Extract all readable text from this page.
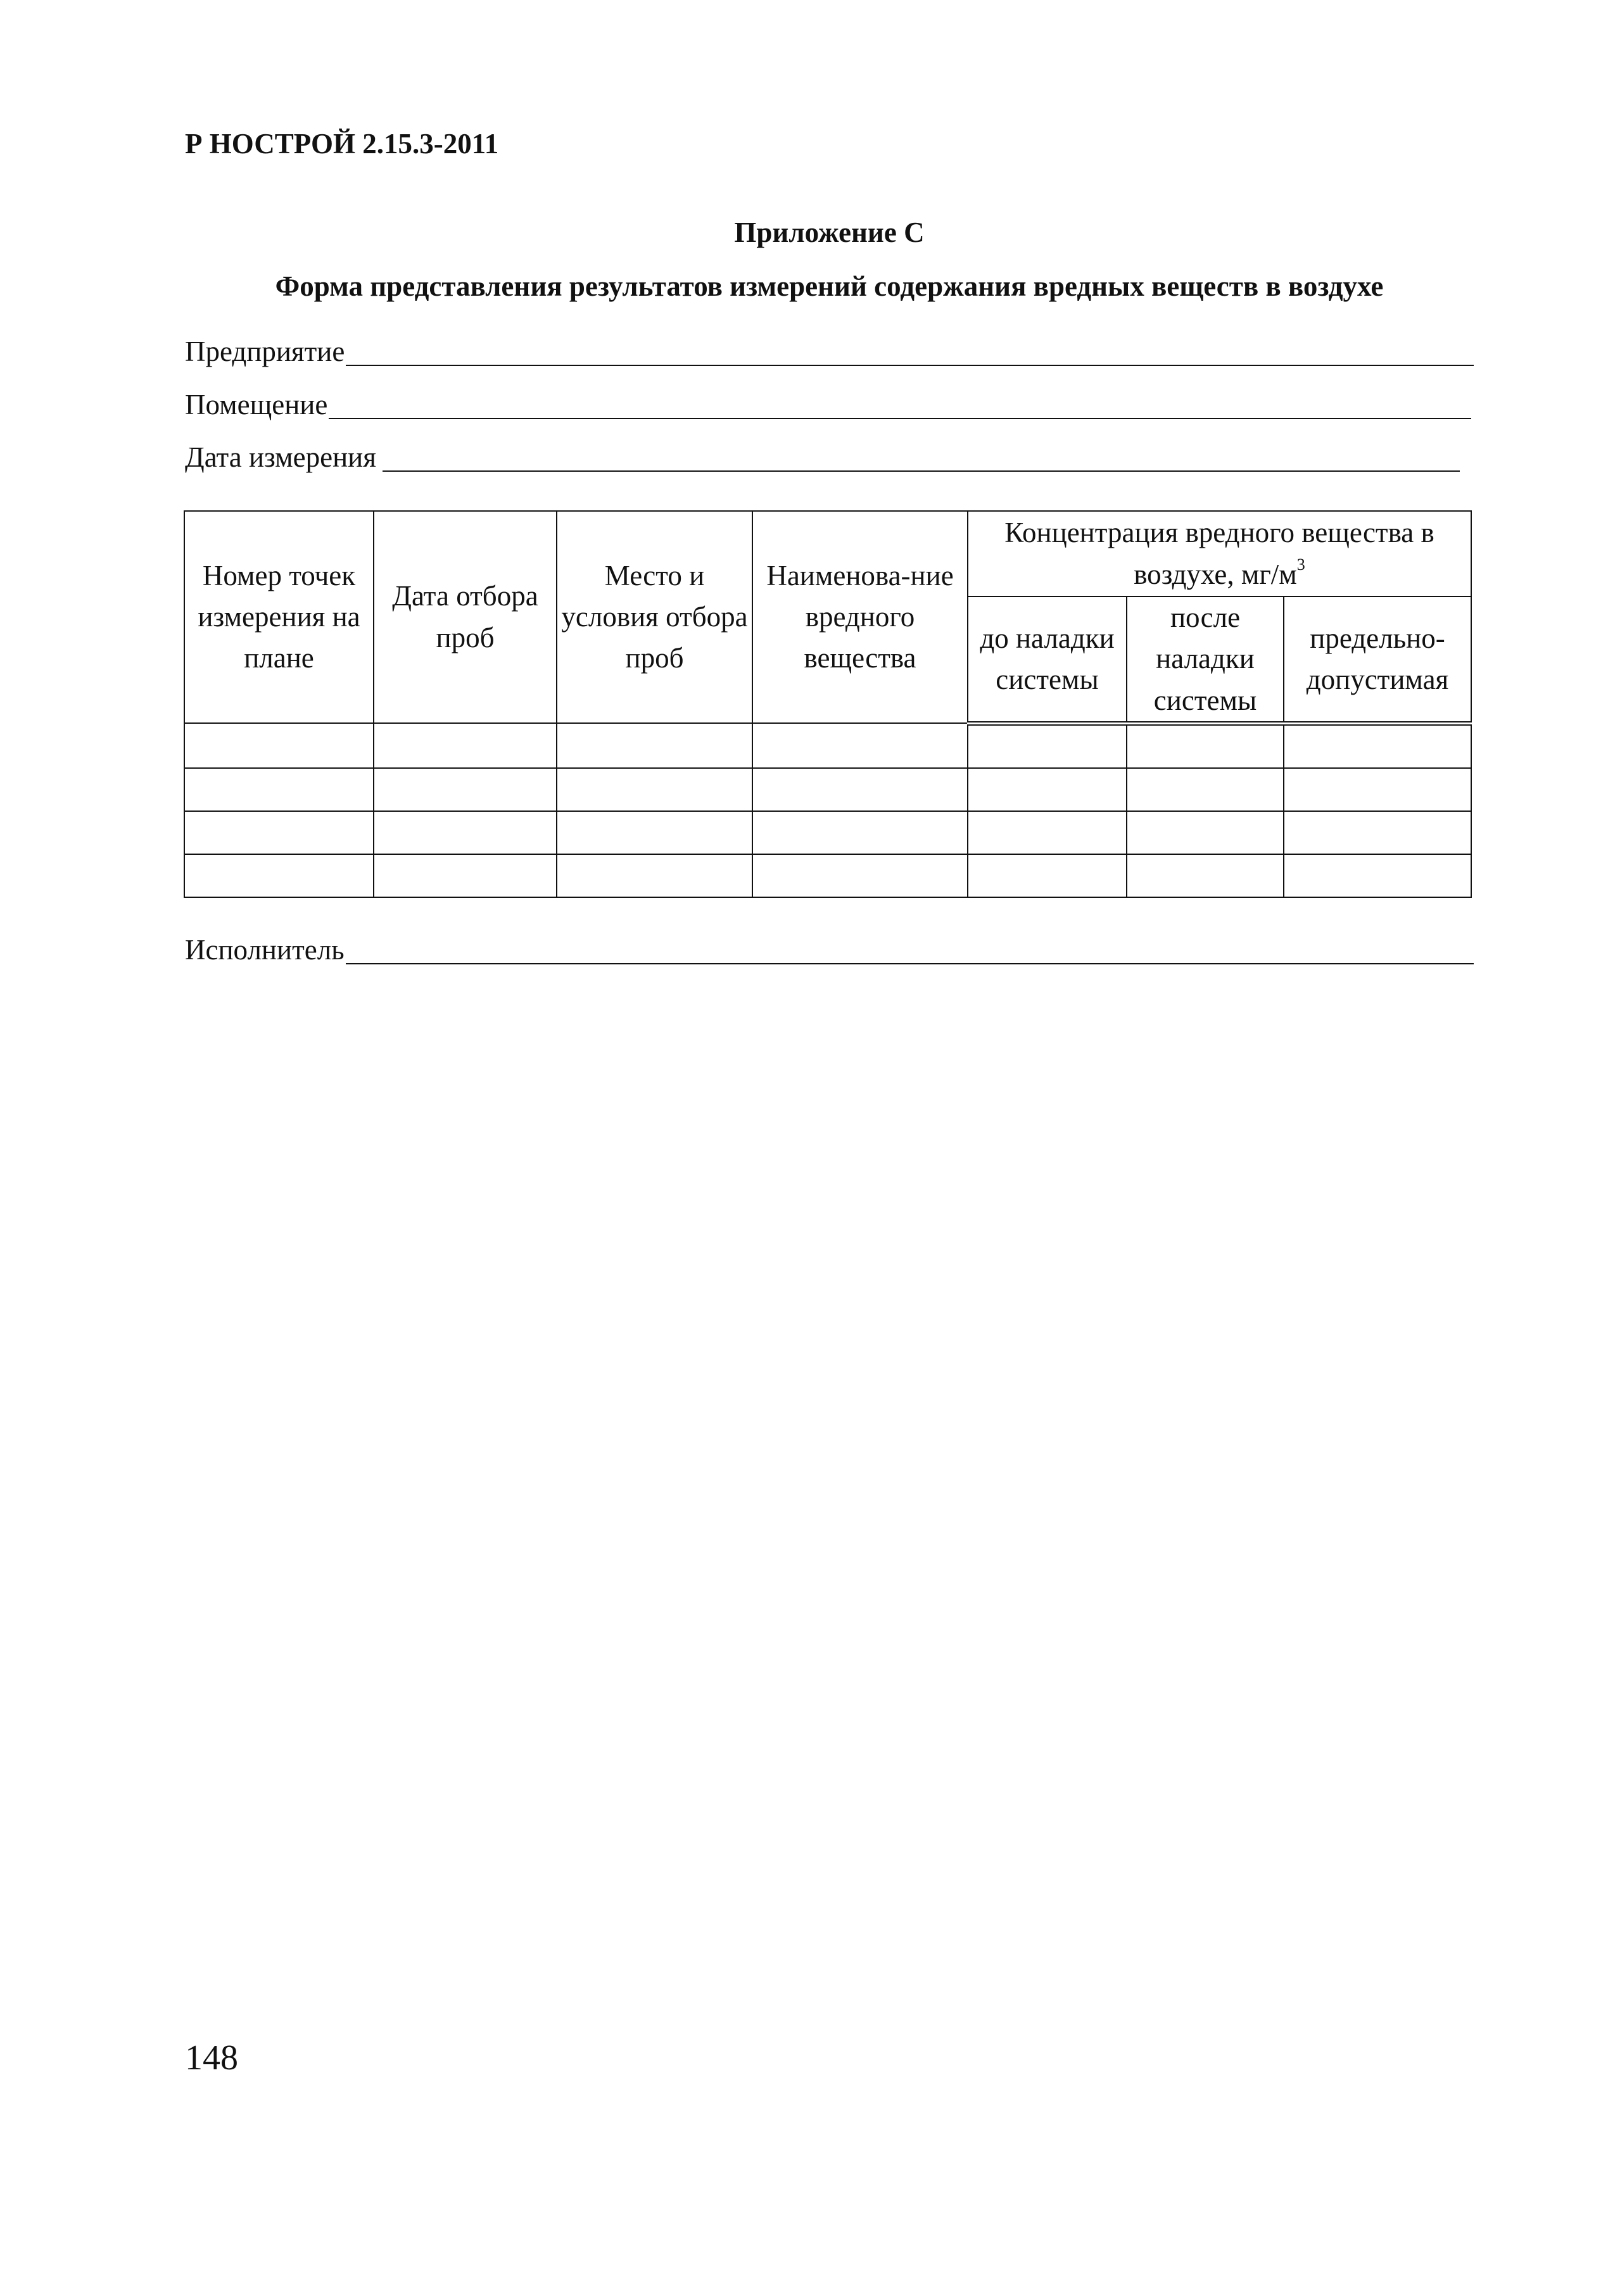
Р НОСТРОЙ 2.15.3-2011
Приложение С
Форма представления результатов измерений содержания вредных веществ в воздухе
Предприятие
Помещение
Дата измерения
Номер точек измерения на плане	Дата отбора проб	Место и условия отбора проб	Наименова-ние вредного вещества	Концентрация вредного вещества в воздухе, $мг/м^3$
				до наладки системы	после наладки системы	предельно-допустимая

Исполнитель
148
